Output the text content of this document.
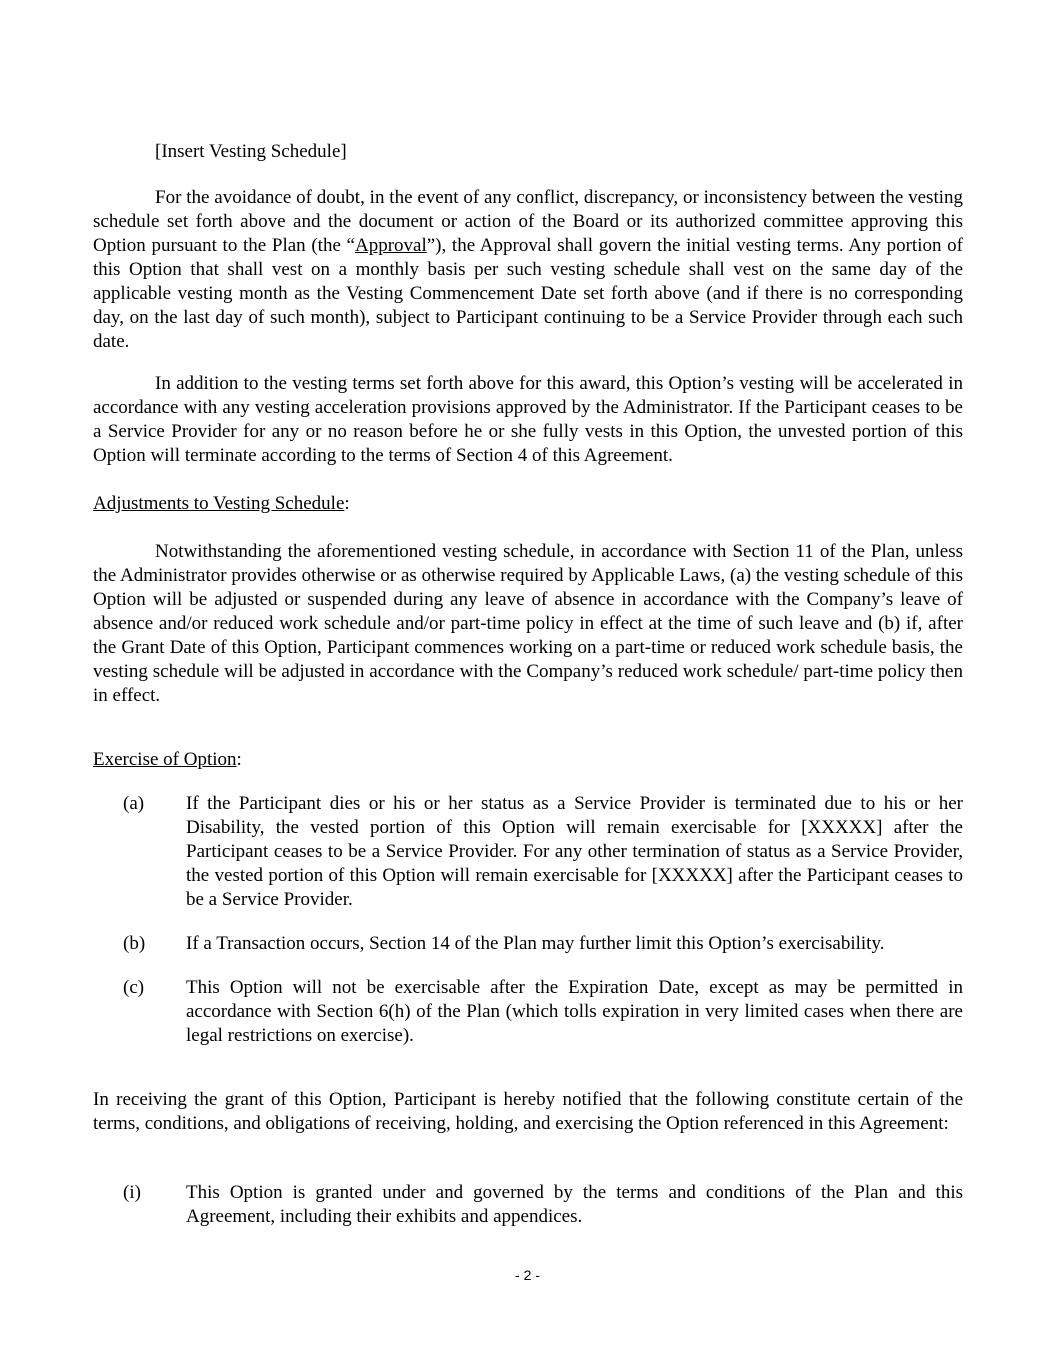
[Insert Vesting Schedule]

For the avoidance of doubt, in the event of any conflict, discrepancy, or inconsistency between the vesting schedule set forth above and the document or action of the Board or its authorized committee approving this Option pursuant to the Plan (the “Approval”), the Approval shall govern the initial vesting terms. Any portion of this Option that shall vest on a monthly basis per such vesting schedule shall vest on the same day of the applicable vesting month as the Vesting Commencement Date set forth above (and if there is no corresponding day, on the last day of such month), subject to Participant continuing to be a Service Provider through each such date.

In addition to the vesting terms set forth above for this award, this Option’s vesting will be accelerated in accordance with any vesting acceleration provisions approved by the Administrator. If the Participant ceases to be a Service Provider for any or no reason before he or she fully vests in this Option, the unvested portion of this Option will terminate according to the terms of Section 4 of this Agreement.

Adjustments to Vesting Schedule:

Notwithstanding the aforementioned vesting schedule, in accordance with Section 11 of the Plan, unless the Administrator provides otherwise or as otherwise required by Applicable Laws, (a) the vesting schedule of this Option will be adjusted or suspended during any leave of absence in accordance with the Company’s leave of absence and/or reduced work schedule and/or part-time policy in effect at the time of such leave and (b) if, after the Grant Date of this Option, Participant commences working on a part-time or reduced work schedule basis, the vesting schedule will be adjusted in accordance with the Company’s reduced work schedule/ part-time policy then in effect.

Exercise of Option:

(a) If the Participant dies or his or her status as a Service Provider is terminated due to his or her Disability, the vested portion of this Option will remain exercisable for [XXXXX] after the Participant ceases to be a Service Provider. For any other termination of status as a Service Provider, the vested portion of this Option will remain exercisable for [XXXXX] after the Participant ceases to be a Service Provider.
(b) If a Transaction occurs, Section 14 of the Plan may further limit this Option’s exercisability.
(c) This Option will not be exercisable after the Expiration Date, except as may be permitted in accordance with Section 6(h) of the Plan (which tolls expiration in very limited cases when there are legal restrictions on exercise).

In receiving the grant of this Option, Participant is hereby notified that the following constitute certain of the terms, conditions, and obligations of receiving, holding, and exercising the Option referenced in this Agreement:

(i) This Option is granted under and governed by the terms and conditions of the Plan and this Agreement, including their exhibits and appendices.
- 2 -
